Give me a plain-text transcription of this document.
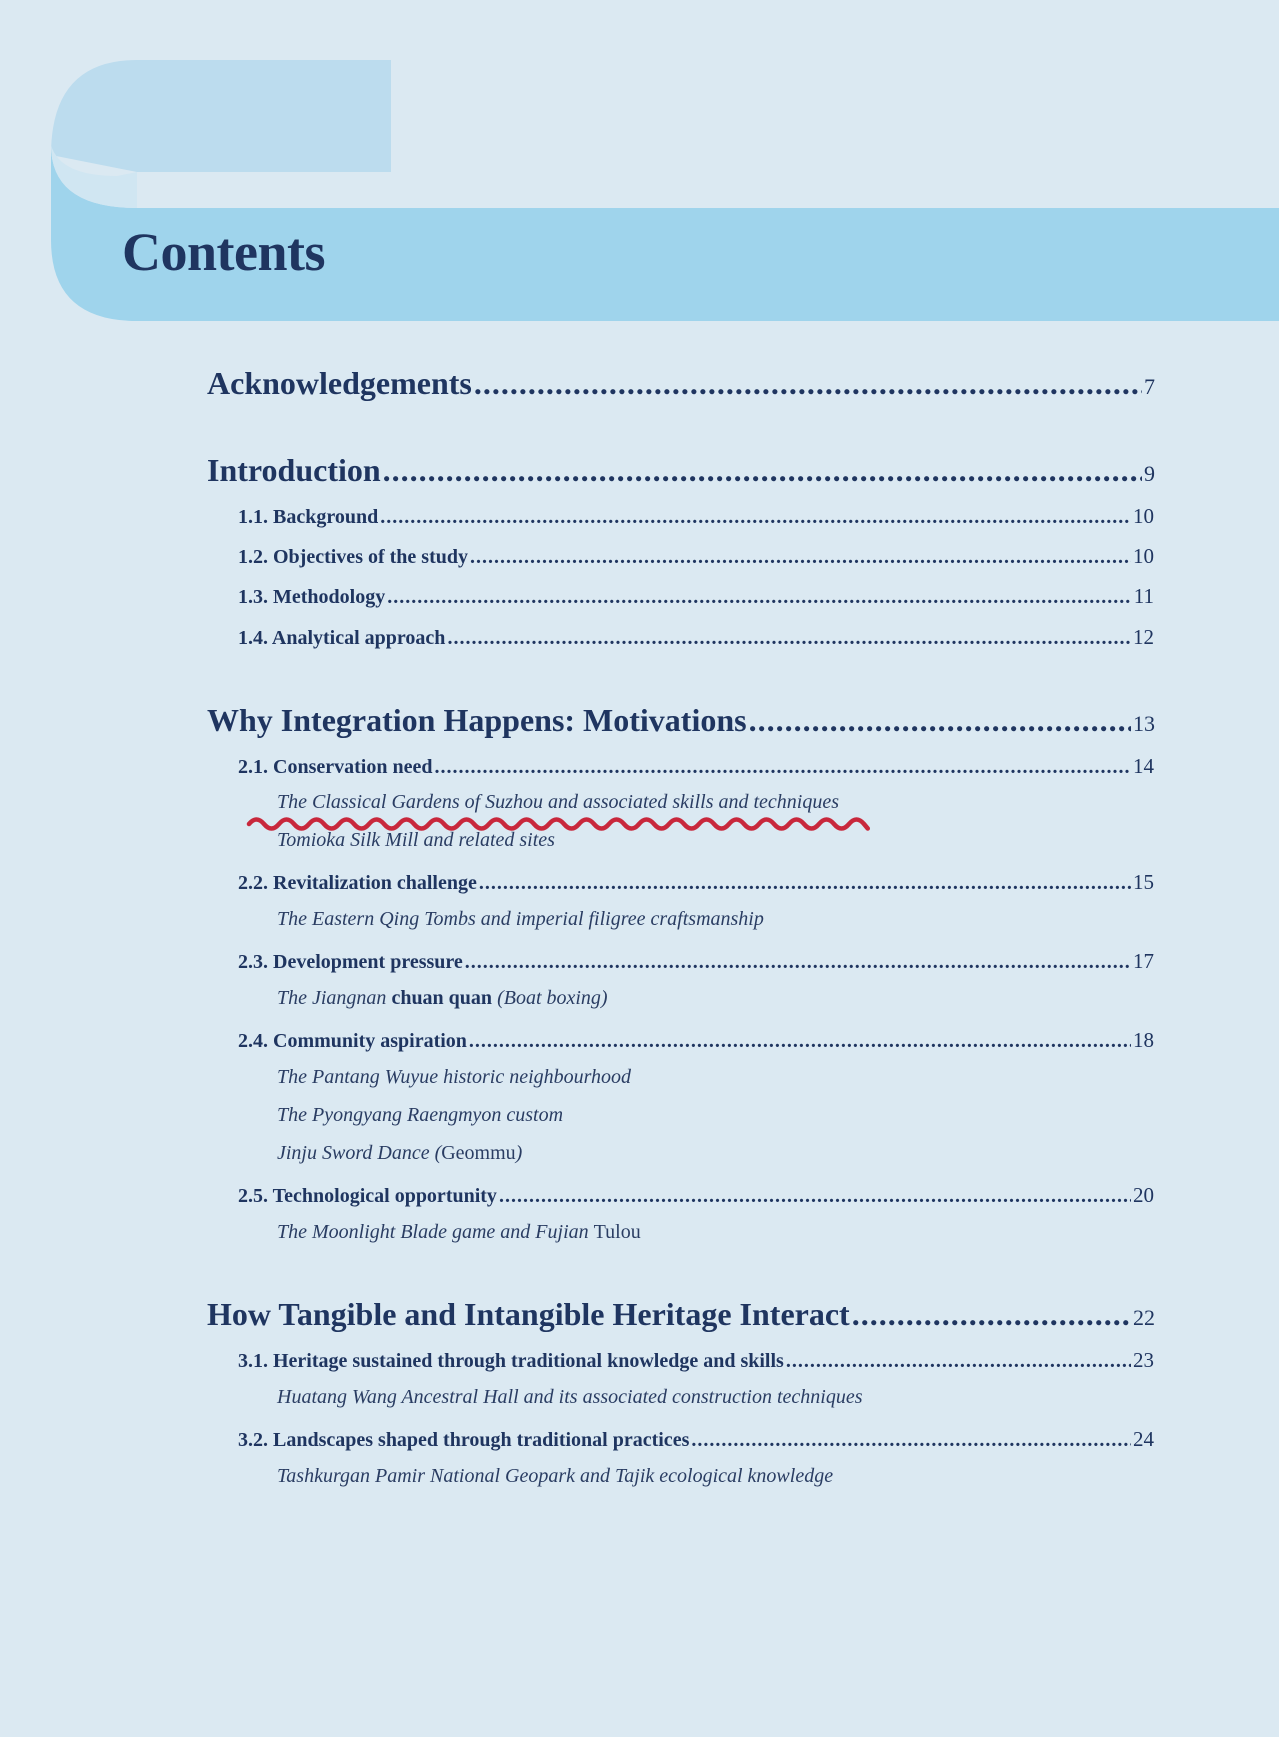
Contents
Acknowledgements .....	7
Introduction .....	9
1.1. Background .....	10
1.2. Objectives of the study .....	10
1.3. Methodology .....	11
1.4. Analytical approach .....	12
Why Integration Happens: Motivations .....	13
2.1. Conservation need .....	14
The Classical Gardens of Suzhou and associated skills and techniques
Tomioka Silk Mill and related sites
2.2. Revitalization challenge .....	15
The Eastern Qing Tombs and imperial filigree craftsmanship
2.3. Development pressure .....	17
The Jiangnan chuan quan (Boat boxing)
2.4. Community aspiration .....	18
The Pantang Wuyue historic neighbourhood
The Pyongyang Raengmyon custom
Jinju Sword Dance (Geommu)
2.5. Technological opportunity .....	20
The Moonlight Blade game and Fujian Tulou
How Tangible and Intangible Heritage Interact .....	22
3.1. Heritage sustained through traditional knowledge and skills .....	23
Huatang Wang Ancestral Hall and its associated construction techniques
3.2. Landscapes shaped through traditional practices .....	24
Tashkurgan Pamir National Geopark and Tajik ecological knowledge
